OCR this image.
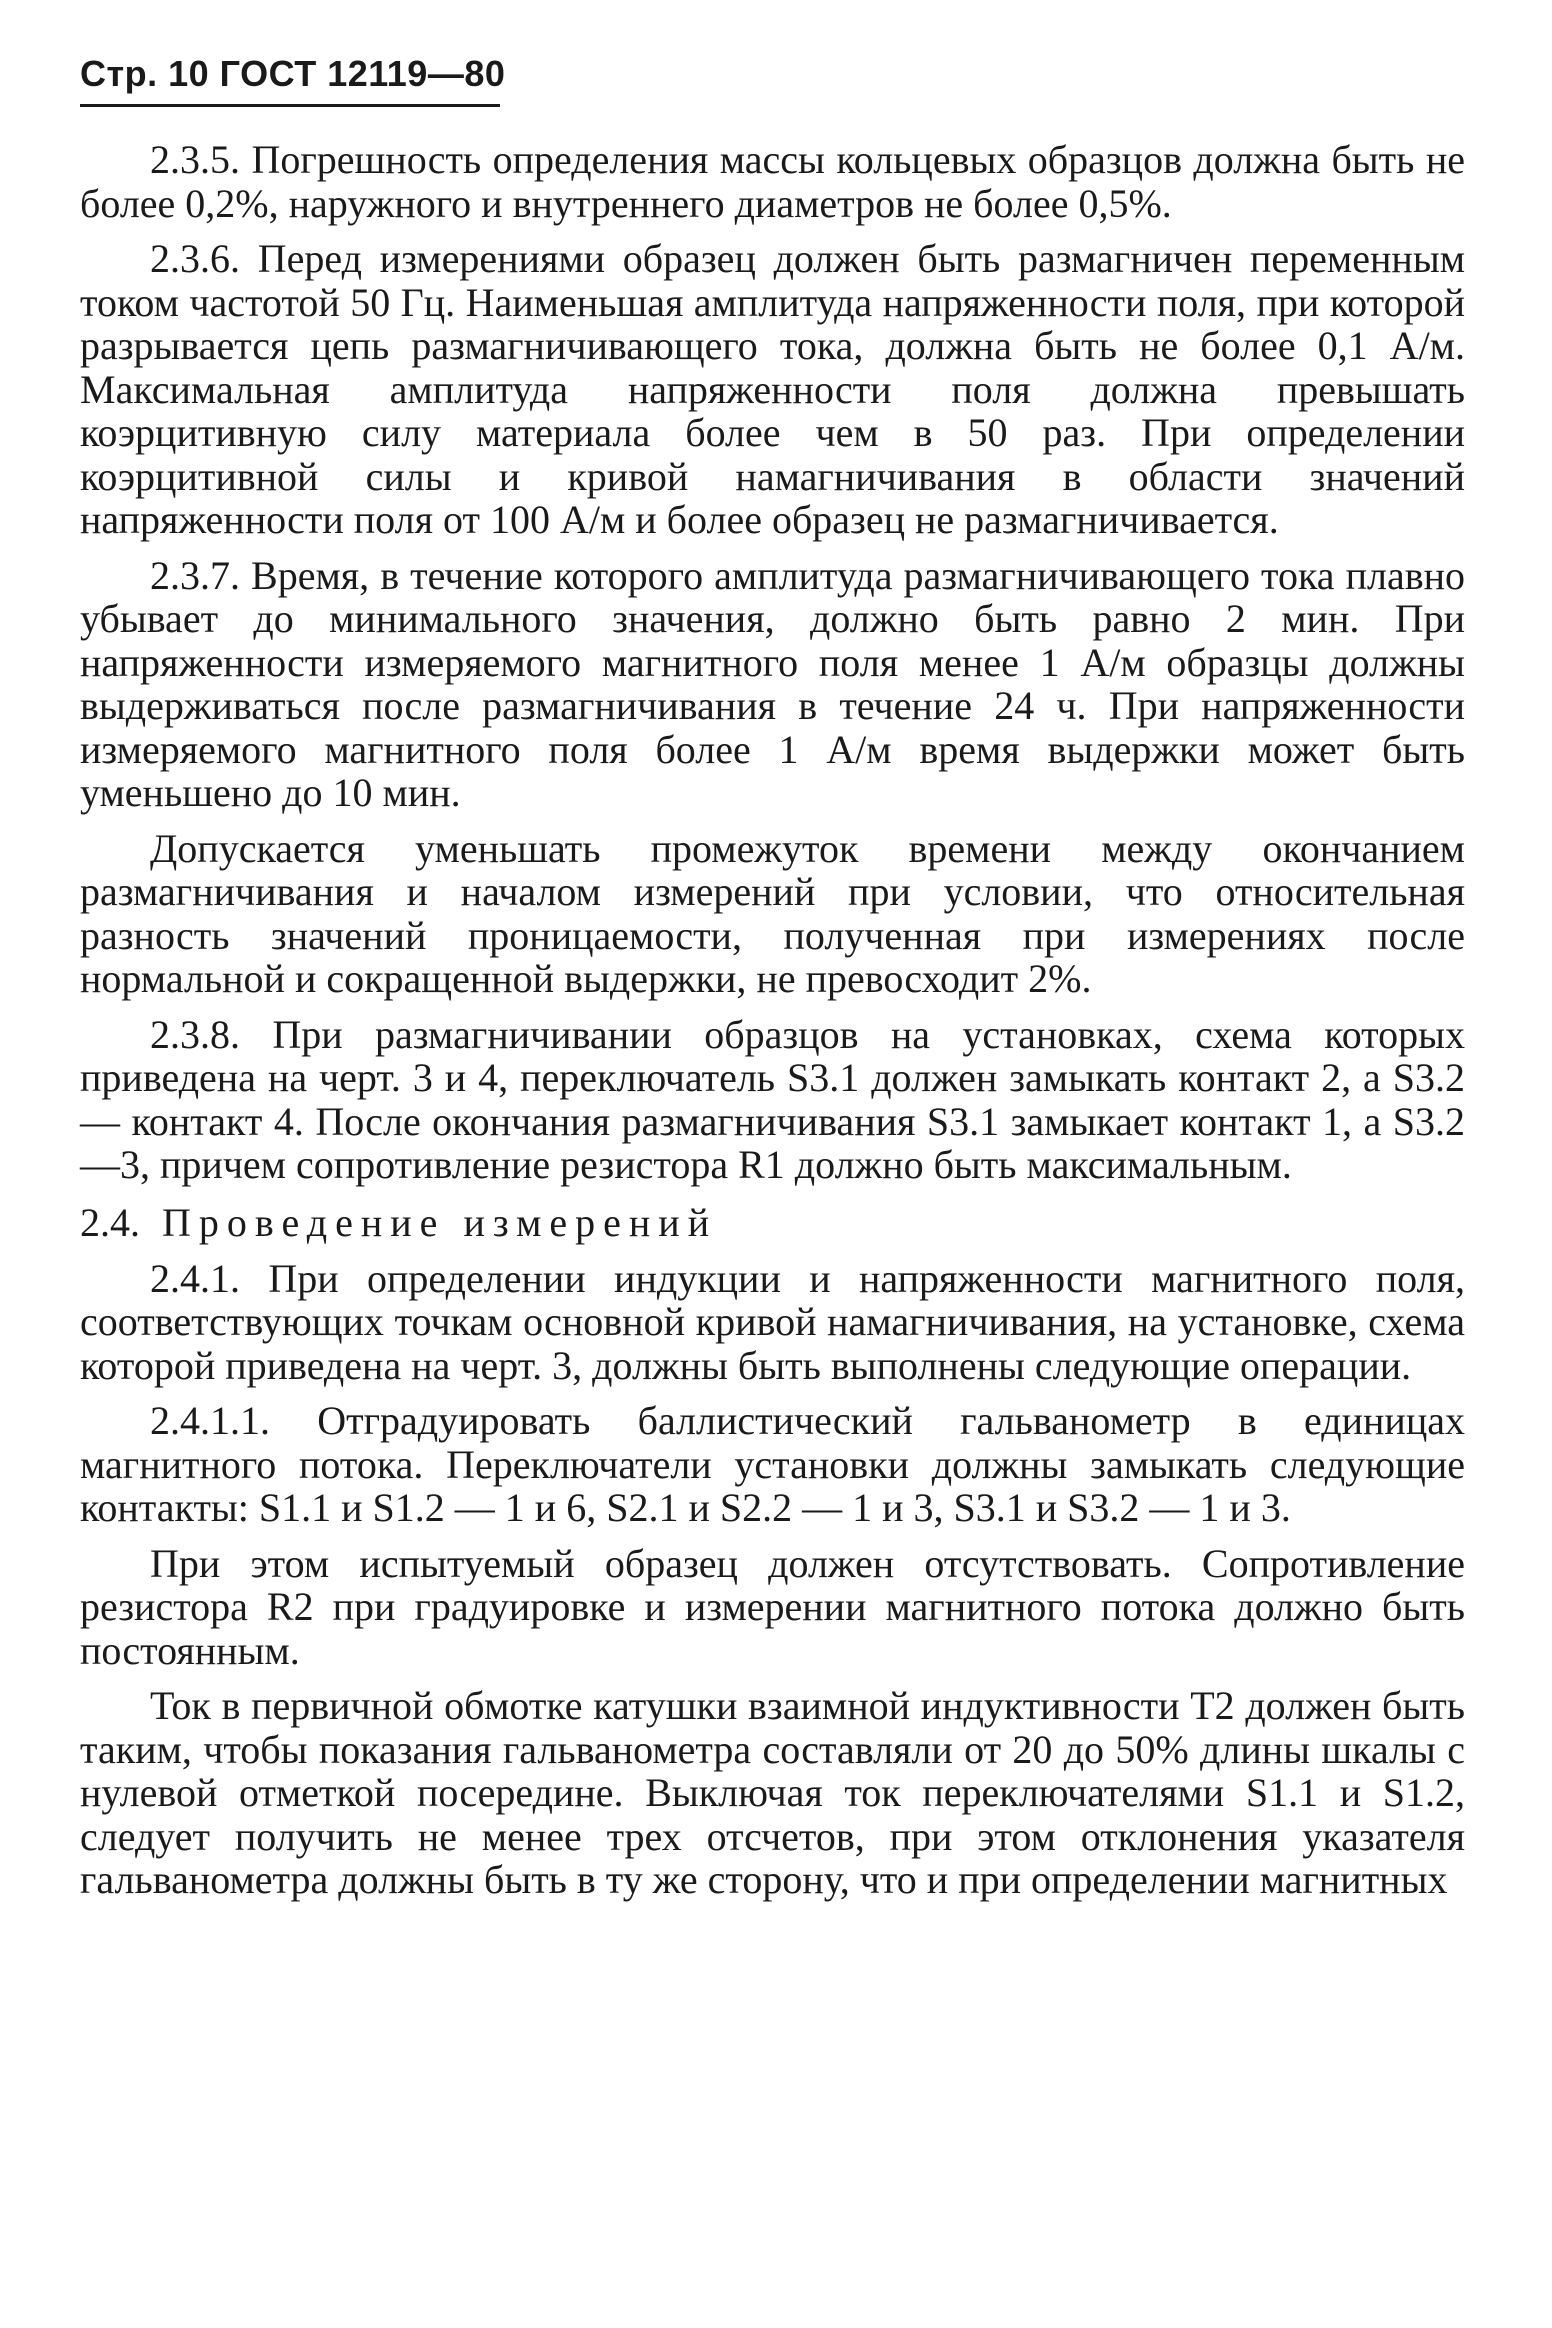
Стр. 10 ГОСТ 12119—80

2.3.5. Погрешность определения массы кольцевых образцов должна быть не более 0,2%, наружного и внутреннего диаметров не более 0,5%.

2.3.6. Перед измерениями образец должен быть размагничен переменным током частотой 50 Гц. Наименьшая амплитуда напряженности поля, при которой разрывается цепь размагничивающего тока, должна быть не более 0,1 А/м. Максимальная амплитуда напряженности поля должна превышать коэрцитивную силу материала более чем в 50 раз. При определении коэрцитивной силы и кривой намагничивания в области значений напряженности поля от 100 А/м и более образец не размагничивается.

2.3.7. Время, в течение которого амплитуда размагничивающего тока плавно убывает до минимального значения, должно быть равно 2 мин. При напряженности измеряемого магнитного поля менее 1 А/м образцы должны выдерживаться после размагничивания в течение 24 ч. При напряженности измеряемого магнитного поля более 1 А/м время выдержки может быть уменьшено до 10 мин.

Допускается уменьшать промежуток времени между окончанием размагничивания и началом измерений при условии, что относительная разность значений проницаемости, полученная при измерениях после нормальной и сокращенной выдержки, не превосходит 2%.

2.3.8. При размагничивании образцов на установках, схема которых приведена на черт. 3 и 4, переключатель S3.1 должен замыкать контакт 2, а S3.2 — контакт 4. После окончания размагничивания S3.1 замыкает контакт 1, а S3.2—3, причем сопротивление резистора R1 должно быть максимальным.

2.4. Проведение измерений

2.4.1. При определении индукции и напряженности магнитного поля, соответствующих точкам основной кривой намагничивания, на установке, схема которой приведена на черт. 3, должны быть выполнены следующие операции.

2.4.1.1. Отградуировать баллистический гальванометр в единицах магнитного потока. Переключатели установки должны замыкать следующие контакты: S1.1 и S1.2 — 1 и 6, S2.1 и S2.2 — 1 и 3, S3.1 и S3.2 — 1 и 3.

При этом испытуемый образец должен отсутствовать. Сопротивление резистора R2 при градуировке и измерении магнитного потока должно быть постоянным.

Ток в первичной обмотке катушки взаимной индуктивности T2 должен быть таким, чтобы показания гальванометра составляли от 20 до 50% длины шкалы с нулевой отметкой посередине. Выключая ток переключателями S1.1 и S1.2, следует получить не менее трех отсчетов, при этом отклонения указателя гальванометра должны быть в ту же сторону, что и при определении магнитных
